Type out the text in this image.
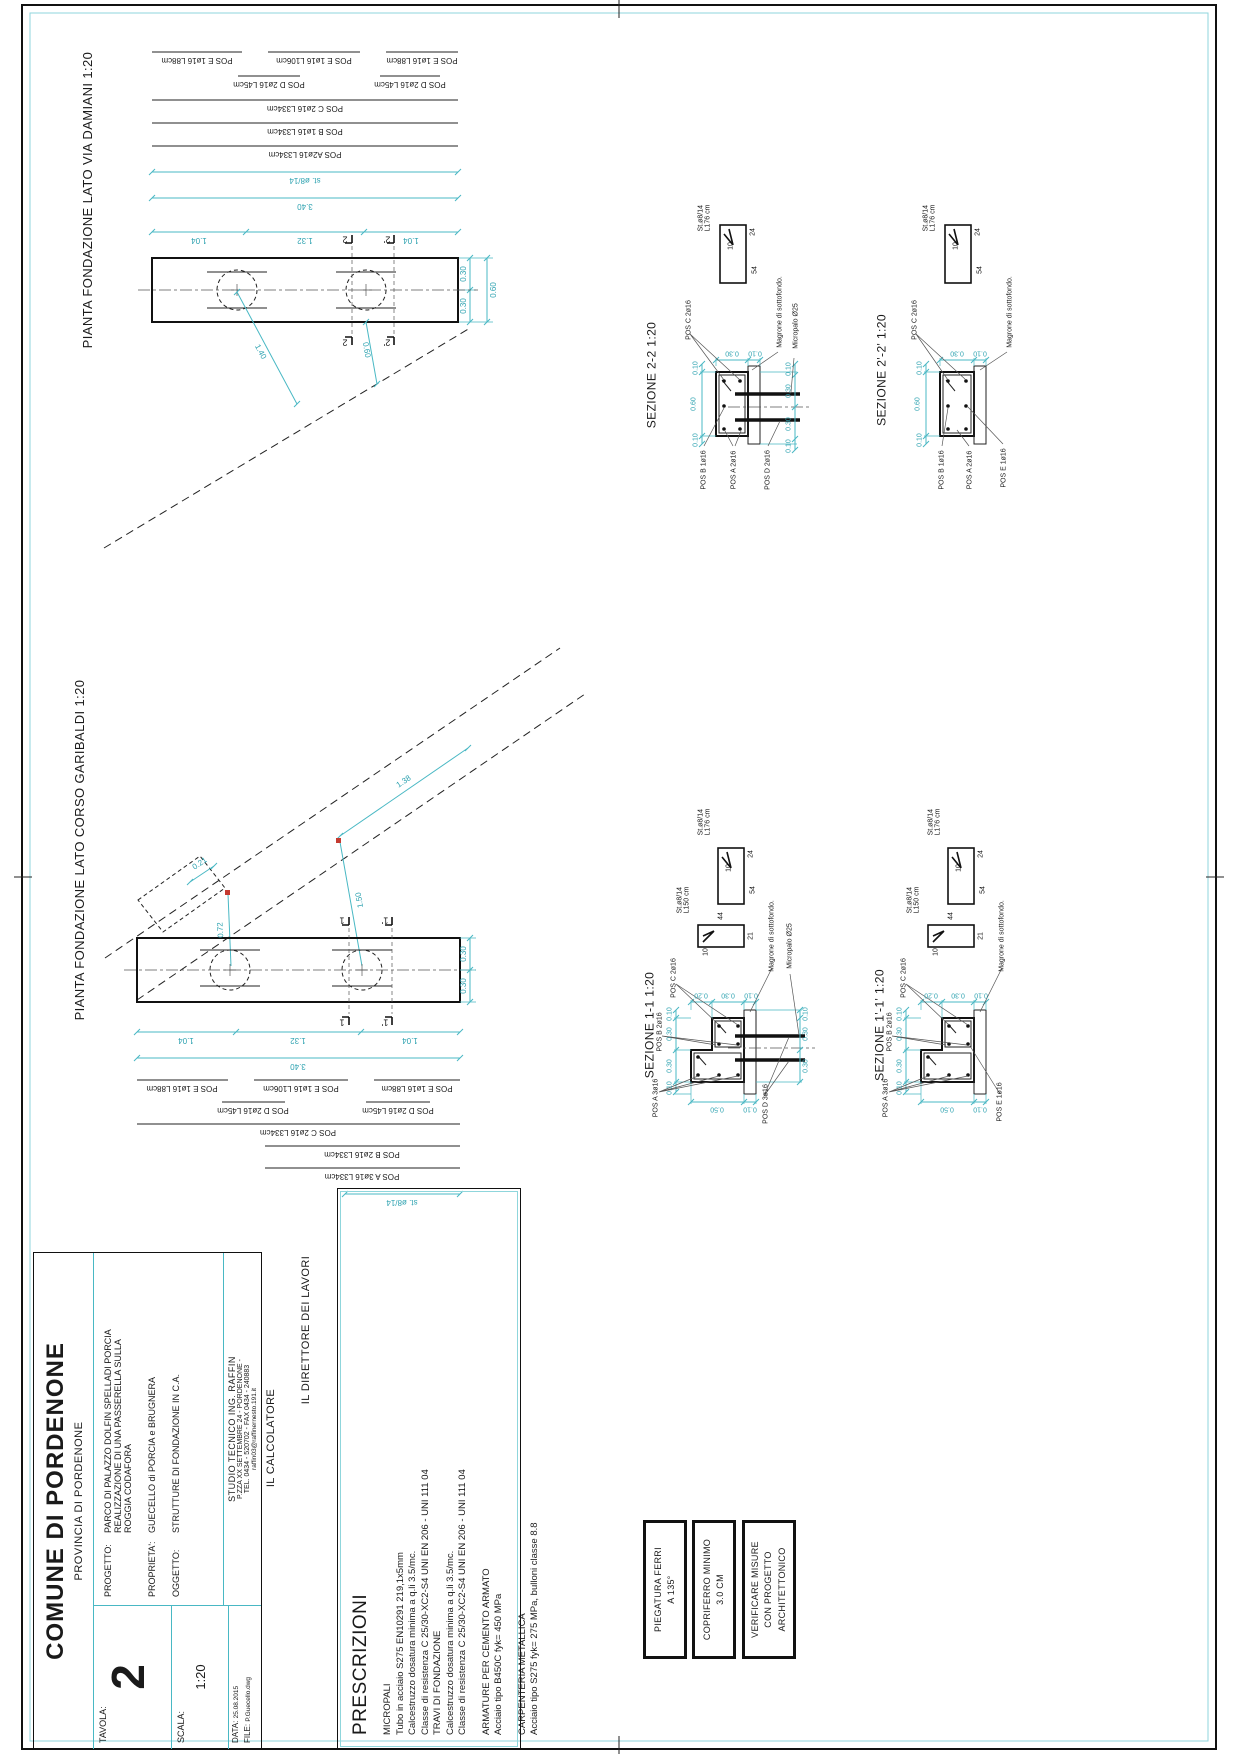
PIANTA FONDAZIONE LATO VIA DAMIANI 1:20	POS E 1ø16 L88cm	POS E 1ø16 L106cm	POS E 1ø16 L88cm
POS D 2ø16 L45cm	POS D 2ø16 L45cm
POS C 2ø16 L334cm
POS B 1ø16 L334cm
POS A2ø16 L334cm
st. ø8/14
3.40
1.04	1.32	1.04
0.30
0.30
0.60
1.40	0.60
2	2'
2	2'	SEZIONE 2-2 1:20
St.ø8/14 L176 cm
24
10
54
POS C 2ø16
POS B 1ø16	POS A 2ø16	POS D 2ø16
Magrone di sottofondo. Micropalo Ø25
0.30 0.10
0.10
0.60
0.10
0.10
0.30
0.30
0.10
SEZIONE 2'-2' 1:20
St.ø8/14 L176 cm
24
10
54
POS C 2ø16
POS B 1ø16	POS A 2ø16	POS E 1ø16
Magrone di sottofondo.
0.30 0.10
0.10
0.60
0.10
PIANTA FONDAZIONE LATO CORSO GARIBALDI 1:20	1.38
0.21
1.50
0.72
0.30
0.30
1	1'
1	1'
1.04	1.32	1.04
3.40
POS E 1ø16 L88cm	POS E 1ø16 L106cm	POS E 1ø16 L88cm
POS D 2ø16 L45cm	POS D 2ø16 L45cm
POS C 2ø16 L334cm
POS B 2ø16 L334cm
POS A 3ø16 L334cm
st. ø8/14
SEZIONE 1-1 1:20
St.ø8/14 L176 cm
24
10
54
St.ø8/14 L150 cm
44
21
10
POS C 2ø16
POS B 2ø16
POS A 3ø16	POS D 3ø16
Magrone di sottofondo. Micropalo Ø25
0.20 0.30 0.10
0.10
0.30
0.30
0.10
0.50	0.10
0.10
0.30
0.30	SEZIONE 1'-1' 1:20
St.ø8/14 L176 cm
24
10
54
St.ø8/14 L150 cm
44
21
10
POS C 2ø16
POS B 2ø16
POS A 3ø16	POS E 1ø16
Magrone di sottofondo.
0.20 0.30 0.10
0.10
0.30
0.30
0.10
0.50	0.10
IL CALCOLATORE
IL DIRETTORE DEI LAVORI
COMUNE DI PORDENONE PROVINCIA DI PORDENONE PROGETTO:
PARCO DI PALAZZO DOLFIN SPELLADI PORCIA REALIZZAZIONE DI UNA PASSERELLA SULLA ROGGIA CODAFORA
PROPRIETA':
GUECELLO di PORCIA e BRUGNERA
OGGETTO:
STRUTTURE DI FONDAZIONE IN C.A.	STUDIO TECNICO ING. RAFFIN P.ZZA XX SETTEMBRE 24 - PORDENONE - TEL. 0434 - 520702 - FAX 0434 - 240883 raffin03@raffinernesto.191.it
TAVOLA:
2
SCALA:
1:20
DATA: 25.08.2015
FILE: P.Guecello.dwg	PRESCRIZIONI MICROPALI Tubo in acciaio S275 EN10291 219,1x5mm Calcestruzzo dosatura minima a q.li 3.5/mc. Classe di resistenza C 25/30-XC2-S4 UNI EN 206 - UNI 111 04 TRAVI DI FONDAZIONE Calcestruzzo dosatura minima a q.li 3.5/mc. Classe di resistenza C 25/30-XC2-S4 UNI EN 206 - UNI 111 04 ARMATURE PER CEMENTO ARMATO Acciaio tipo B450C fyk= 450 MPa CARPENTERIA METALLICA Acciaio tipo S275 fyk= 275 MPa, bulloni classe 8.8	PIEGATURA FERRI A 135°	COPRIFERRO MINIMO 3.0 CM	VERIFICARE MISURE CON PROGETTO ARCHITETTONICO
